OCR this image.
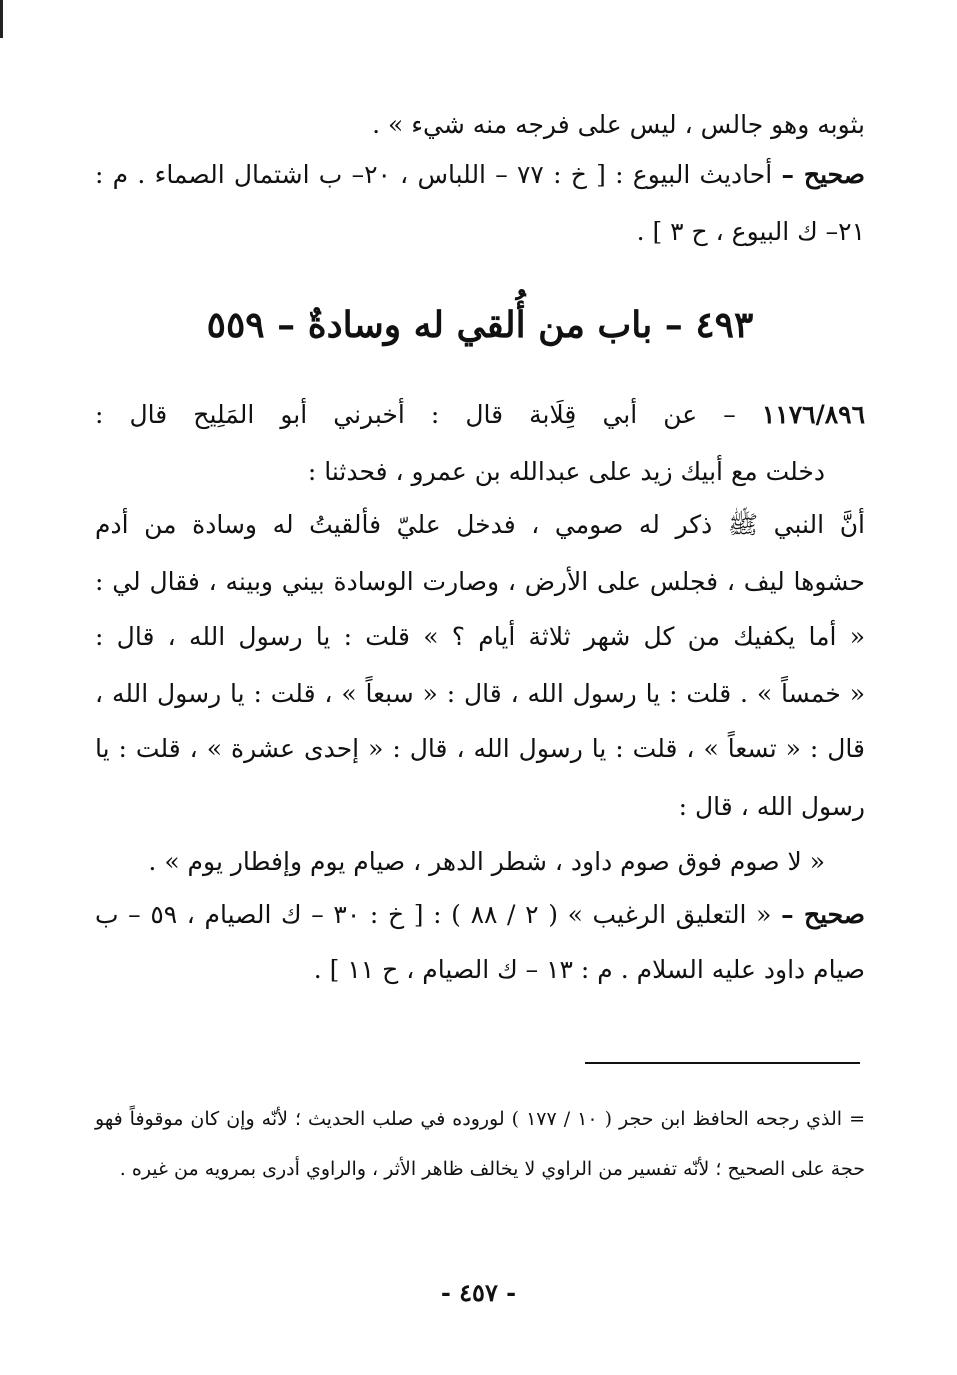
بثوبه وهو جالس ، ليس على فرجه منه شيء » .
صحيح – أحاديث البيوع : [ خ : ٧٧ – اللباس ، ٢٠– ب اشتمال الصماء . م :
٢١– ك البيوع ، ح ٣ ] .
٤٩٣ – باب من أُلقي له وسادةٌ – ٥٥٩
١١٧٦/٨٩٦ – عن أبي قِلَابة قال : أخبرني أبو المَلِيح قال :
دخلت مع أبيك زيد على عبدالله بن عمرو ، فحدثنا :
أنَّ النبي ﷺ ذكر له صومي ، فدخل عليّ فألقيتُ له وسادة من أدم
حشوها ليف ، فجلس على الأرض ، وصارت الوسادة بيني وبينه ، فقال لي :
« أما يكفيك من كل شهر ثلاثة أيام ؟ » قلت : يا رسول الله ، قال :
« خمساً » . قلت : يا رسول الله ، قال : « سبعاً » ، قلت : يا رسول الله ،
قال : « تسعاً » ، قلت : يا رسول الله ، قال : « إحدى عشرة » ، قلت : يا
رسول الله ، قال :
« لا صوم فوق صوم داود ، شطر الدهر ، صيام يوم وإفطار يوم » .
صحيح – « التعليق الرغيب » ( ٢ / ٨٨ ) : [ خ : ٣٠ – ك الصيام ، ٥٩ – ب
صيام داود عليه السلام . م : ١٣ – ك الصيام ، ح ١١ ] .
= الذي رجحه الحافظ ابن حجر ( ١٠ / ١٧٧ ) لوروده في صلب الحديث ؛ لأنّه وإن كان موقوفاً فهو
حجة على الصحيح ؛ لأنّه تفسير من الراوي لا يخالف ظاهر الأثر ، والراوي أدرى بمرويه من غيره .
- ٤٥٧ -
